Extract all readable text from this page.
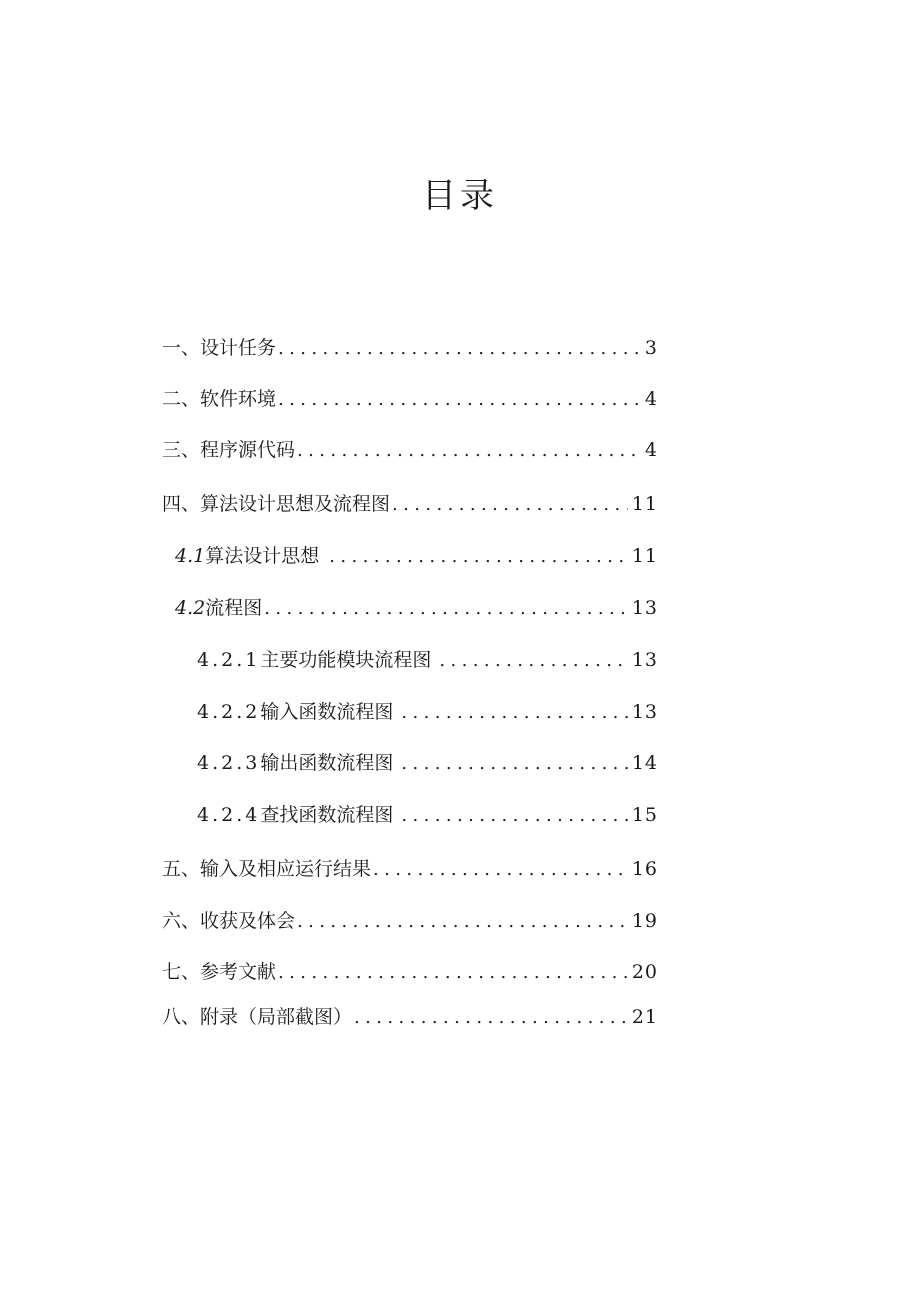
目录
一、 设计任务 .....	3
二、 软件环境 .....	4
三、 程序源代码 .....	4
四、 算法设计思想及流程图 .....	11
4.1 算法设计思想 .....	11
4.2 流程图 .....	13
4.2.1 主要功能模块流程图 .....	13
4.2.2 输入函数流程图 .....	13
4.2.3 输出函数流程图 .....	14
4.2.4 查找函数流程图 .....	15
五、 输入及相应运行结果 .....	16
六、 收获及体会 .....	19
七、 参考文献 .....	20
八、 附录（局部截图） .....	21
